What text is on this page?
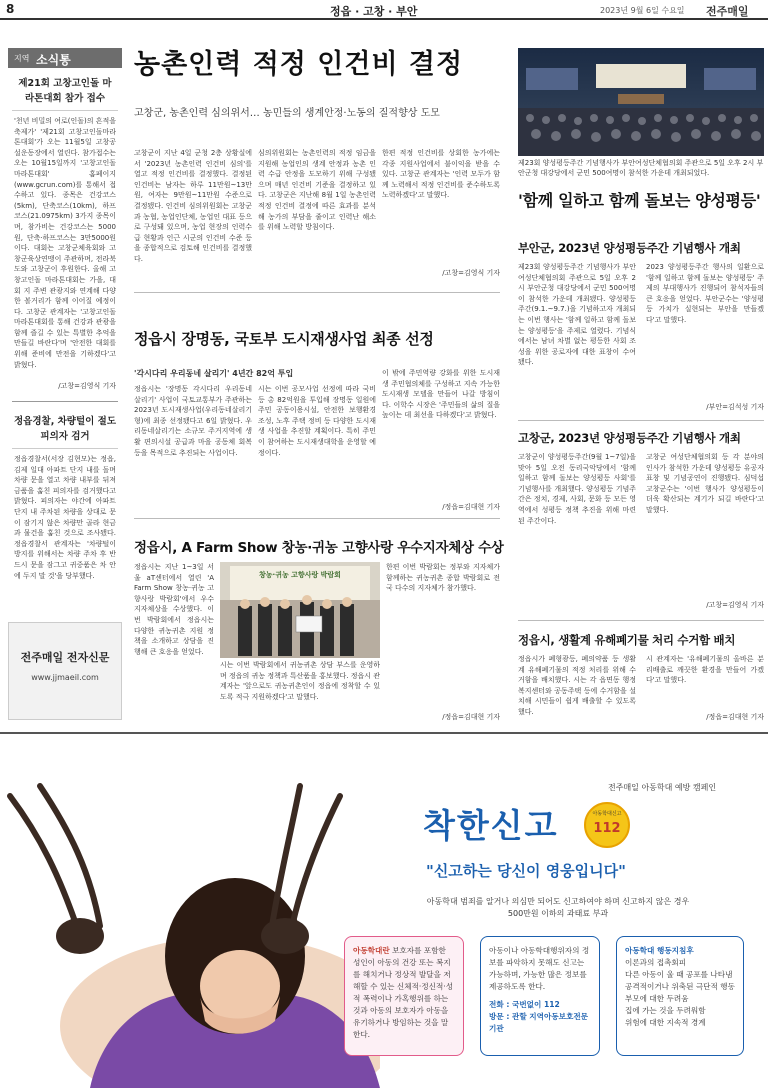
8	정읍 · 고창 · 부안	2023년 9월 6일 수요일 전주매일
지역 소식통
제21회 고창고인돌 마라톤대회 참가 접수
'천년 비밀의 여로(인돌)의 흔적을 축제가' '제21회 고창고인돌마라톤대회'가 오는 11월5일 고창공설운동장에서 열린다. 참가접수는 오는 10월15일까지 '고창고인돌마라톤대회' 홈페이지(www.gcrun.com)를 통해서 접수하고 있다. 종목은 건강코스(5km), 단축코스(10km), 하프코스(21.0975km) 3가지 종목이며, 참가비는 건강코스는 5000원, 단축·하프코스는 3만5000원이다. 대회는 고창군체육회와 고창군육상연맹이 주관하며, 전라북도와 고창군이 후원한다. 올해 고창고인돌 마라톤대회는 가을, 대회 지 주변 관광지와 연계해 다양한 볼거리가 함께 이어질 예정이다. 고창군 관계자는 '고창고인돌마라톤대회를 통해 건강과 관광을 함께 즐길 수 있는 특별한 추억을 만들길 바란다'며 '안전한 대회를 위해 준비에 만전을 기하겠다'고 밝혔다.
/고창=김영식 기자
정읍경찰, 차량털이 절도 피의자 검거
정읍경찰서(서장 김현모)는 정읍, 김제 일대 아파트 단지 내를 돌며 차량 문을 열고 차량 내부를 뒤져 금품을 훔친 피의자를 검거했다고 밝혔다. 피의자는 야간에 아파트단지 내 주차된 차량을 상대로 문이 잠기지 않은 차량만 골라 현금과 물건을 훔친 것으로 조사됐다. 정읍경찰서 관계자는 '차량털이 방지를 위해서는 차량 주차 후 반드시 문을 잠그고 귀중품은 차 안에 두지 말 것'을 당부했다.
전주매일 전자신문
www.jjmaeil.com
농촌인력 적정 인건비 결정
고창군, 농촌인력 심의위서… 농민들의 생계안정·노동의 질적향상 도모
고창군이 지난 4일 군청 2층 상황실에서 '2023년 농촌인력 인건비 심의'를 열고 적정 인건비를 결정했다. 결정된 인건비는 남자는 하루 11만원~13만원, 여자는 9만원~11만원 수준으로 결정됐다. 인건비 심의위원회는 고창군과 농협, 농업인단체, 농업인 대표 등으로 구성돼 있으며, 농업 현장의 인력수급 현황과 인근 시군의 인건비 수준 등을 종합적으로 검토해 인건비를 결정했다.
심의위원회는 농촌인력의 적정 임금을 지원해 농업인의 생계 안정과 농촌 인력 수급 안정을 도모하기 위해 구성됐으며 매년 인건비 기준을 결정하고 있다. 고창군은 지난해 8월 1일 농촌인력 적정 인건비 결정에 따른 효과를 분석해 농가의 부담을 줄이고 인력난 해소를 위해 노력할 방침이다.
한편 적정 인건비를 상회한 농가에는 각종 지원사업에서 불이익을 받을 수 있다. 고창군 관계자는 '인력 모두가 함께 노력해서 적정 인건비를 준수하도록 노력하겠다'고 말했다.
/고창=김영식 기자
제23회 양성평등주간 기념행사가 부안여성단체협의회 주관으로 5일 오후 2시 부안군청 대강당에서 군민 500여명이 참석한 가운데 개최되었다.
'함께 일하고 함께 돌보는 양성평등'
부안군, 2023년 양성평등주간 기념행사 개최
제23회 양성평등주간 기념행사가 부안여성단체협의회 주관으로 5일 오후 2시 부안군청 대강당에서 군민 500여명이 참석한 가운데 개최됐다. 양성평등주간(9.1.~9.7.)을 기념하고자 개최되는 이번 행사는 '함께 일하고 함께 돌보는 양성평등'을 주제로 열렸다. 기념식에서는 남녀 차별 없는 평등한 사회 조성을 위한 공로자에 대한 표창이 수여됐다.
2023 양성평등주간 행사의 일환으로 '함께 일하고 함께 돌보는 양성평등' 주제의 부대행사가 진행되어 참석자들의 큰 호응을 얻었다. 부안군수는 '양성평등 가치가 실현되는 부안을 만들겠다'고 말했다.
/부안=김석성 기자
고창군, 2023년 양성평등주간 기념행사 개최
고창군이 양성평등주간(9월 1~7일)을 맞아 5일 오전 동리국악당에서 '함께 일하고 함께 돌보는 양성평등 사회'를 기념행사를 개최했다. 양성평등 기념주간은 정치, 경제, 사회, 문화 등 모든 영역에서 성평등 정책 추진을 위해 마련된 주간이다.
고창군 여성단체협의회 등 각 분야의 인사가 참석한 가운데 양성평등 유공자 표창 및 기념공연이 진행됐다. 심덕섭 고창군수는 '이번 행사가 양성평등이 더욱 확산되는 계기가 되길 바란다'고 말했다.
/고창=김영식 기자
정읍시, 생활계 유해폐기물 처리 수거함 배치
정읍시가 폐형광등, 폐의약품 등 생활계 유해폐기물의 적정 처리를 위해 수거함을 배치했다. 시는 각 읍면동 행정복지센터와 공동주택 등에 수거함을 설치해 시민들이 쉽게 배출할 수 있도록 했다.
시 관계자는 '유해폐기물의 올바른 분리배출로 깨끗한 환경을 만들어 가겠다'고 말했다.
/정읍=김대현 기자
정읍시 장명동, 국토부 도시재생사업 최종 선정
'각시다리 우리동네 살리기' 4년간 82억 투입
정읍시는 '장명동 각시다리 우리동네 살리기' 사업이 국토교통부가 주관하는 2023년 도시재생사업(우리동네살리기형)에 최종 선정됐다고 6일 밝혔다. 우리동네살리기는 소규모 주거지역에 생활 편의시설 공급과 마을 공동체 회복 등을 목적으로 추진되는 사업이다.
시는 이번 공모사업 선정에 따라 국비 등 총 82억원을 투입해 장명동 일원에 주민 공동이용시설, 안전한 보행환경 조성, 노후 주택 정비 등 다양한 도시재생 사업을 추진할 계획이다. 특히 주민이 참여하는 도시재생대학을 운영할 예정이다.
이 밖에 주민역량 강화를 위한 도시재생 주민협의체를 구성하고 지속 가능한 도시재생 모델을 만들어 나갈 방침이다. 이학수 시장은 '주민들의 삶의 질을 높이는 데 최선을 다하겠다'고 밝혔다.
/정읍=김대현 기자
정읍시, A Farm Show 창농·귀농 고향사랑 우수지자체상 수상
정읍시는 지난 1~3일 서울 aT센터에서 열린 'A Farm Show 창농·귀농 고향사랑 박람회'에서 우수 지자체상을 수상했다. 이번 박람회에서 정읍시는 다양한 귀농귀촌 지원 정책을 소개하고 상담을 진행해 큰 호응을 얻었다.
창농·귀농 고향사랑 박람회
시는 이번 박람회에서 귀농귀촌 상담 부스를 운영하며 정읍의 귀농 정책과 특산품을 홍보했다. 정읍시 관계자는 '앞으로도 귀농귀촌인이 정읍에 정착할 수 있도록 적극 지원하겠다'고 말했다.
한편 이번 박람회는 정부와 지자체가 함께하는 귀농귀촌 종합 박람회로 전국 다수의 지자체가 참가했다.
/정읍=김대현 기자
전주매일 아동학대 예방 캠페인
착한신고	아동학대신고
112
"신고하는 당신이 영웅입니다"
아동학대 범죄를 알거나 의심만 되어도 신고하여야 하며 신고하지 않은 경우 500만원 이하의 과태료 부과
아동학대란 보호자를 포함한 성인이 아동의 건강 또는 복지를 해치거나 정상적 발달을 저해할 수 있는 신체적·정신적·성적 폭력이나 가혹행위를 하는 것과 아동의 보호자가 아동을 유기하거나 방임하는 것을 말한다.
아동이나 아동학대행위자의 정보를 파악하지 못해도 신고는 가능하며, 가능한 많은 정보를 제공하도록 한다.
전화 : 국번없이 112
방문 : 관할 지역아동보호전문기관
아동학대 행동지침후
이론과의 접촉회피
다른 아동이 울 때 공포를 나타냄
공격적이거나 위축된 극단적 행동
부모에 대한 두려움
집에 가는 것을 두려워함
위험에 대한 지속적 경계
